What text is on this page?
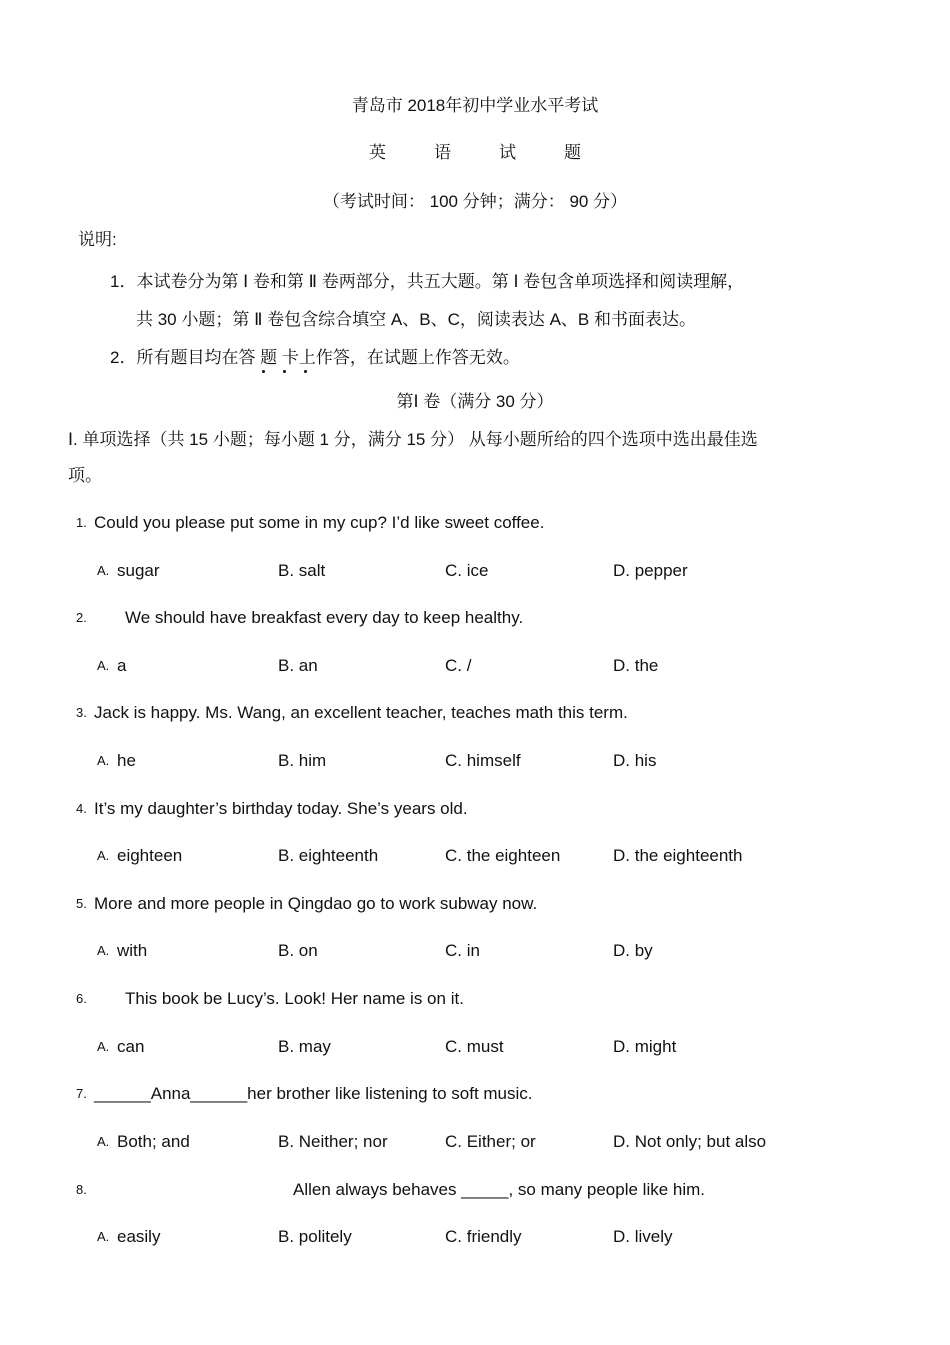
青岛市 2018年初中学业水平考试
英	语	试	题
（考试时间： 100 分钟；满分： 90 分）
说明:
1．本试卷分为第 Ⅰ 卷和第 Ⅱ 卷两部分，共五大题。第 Ⅰ 卷包含单项选择和阅读理解，
共 30 小题；第 Ⅱ 卷包含综合填空 A、B、C，阅读表达 A、B 和书面表达。
2．所有题目均在答 题 卡上作答，在试题上作答无效。
第Ⅰ 卷（满分 30 分）
Ⅰ. 单项选择（共 15 小题；每小题 1 分，满分 15 分） 从每小题所给的四个选项中选出最佳选
项。
1. Could you please put some in my cup? I’d like sweet coffee.
A. sugar	B. salt	C. ice	D. pepper
2. We should have breakfast every day to keep healthy.
A. a	B. an	C. /	D. the
3. Jack is happy. Ms. Wang, an excellent teacher, teaches math this term.
A. he	B. him	C. himself	D. his
4. It’s my daughter’s birthday today. She’s years old.
A. eighteen	B. eighteenth	C. the eighteen	D. the eighteenth
5. More and more people in Qingdao go to work subway now.
A. with	B. on	C. in	D. by
6. This book be Lucy’s. Look! Her name is on it.
A. can	B. may	C. must	D. might
7. ______Anna______her brother like listening to soft music.
A. Both; and	B. Neither; nor	C. Either; or	D. Not only; but also
8.	Allen always behaves _____, so many people like him.
A. easily	B. politely	C. friendly	D. lively
